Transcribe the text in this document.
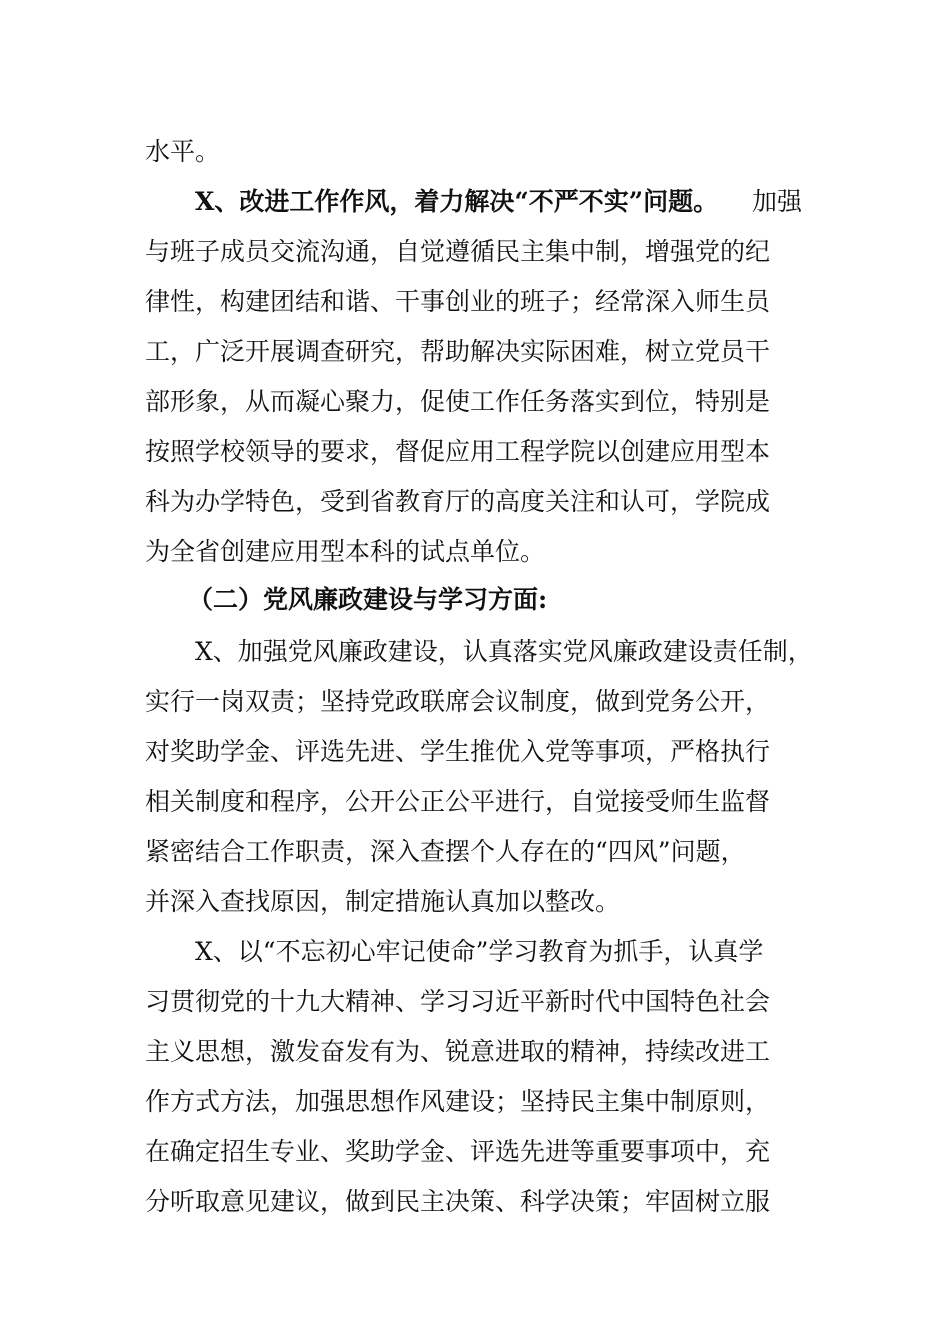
水平。
X、改进工作作风，着力解决“不严不实”问题。 加强
与班子成员交流沟通，自觉遵循民主集中制，增强党的纪
律性，构建团结和谐、干事创业的班子；经常深入师生员
工，广泛开展调查研究，帮助解决实际困难，树立党员干
部形象，从而凝心聚力，促使工作任务落实到位，特别是
按照学校领导的要求，督促应用工程学院以创建应用型本
科为办学特色，受到省教育厅的高度关注和认可，学院成
为全省创建应用型本科的试点单位。
（二）党风廉政建设与学习方面:
X、加强党风廉政建设，认真落实党风廉政建设责任制，
实行一岗双责；坚持党政联席会议制度，做到党务公开，
对奖助学金、评选先进、学生推优入党等事项，严格执行
相关制度和程序，公开公正公平进行，自觉接受师生监督
紧密结合工作职责，深入查摆个人存在的“四风”问题，
并深入查找原因，制定措施认真加以整改。
X、以“不忘初心牢记使命”学习教育为抓手，认真学
习贯彻党的十九大精神、学习习近平新时代中国特色社会
主义思想，激发奋发有为、锐意进取的精神，持续改进工
作方式方法，加强思想作风建设；坚持民主集中制原则，
在确定招生专业、奖助学金、评选先进等重要事项中，充
分听取意见建议，做到民主决策、科学决策；牢固树立服
